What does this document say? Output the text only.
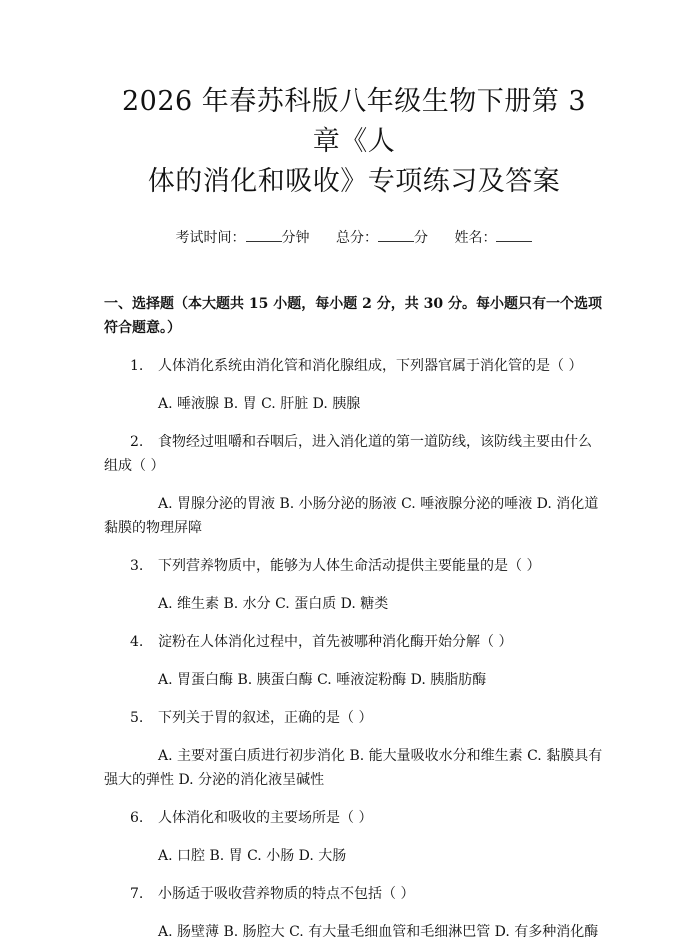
2026 年春苏科版八年级生物下册第 3 章《人
体的消化和吸收》专项练习及答案
考试时间：	分钟 总分：	分 姓名：
一、选择题（本大题共 15 小题，每小题 2 分，共 30 分。每小题只有一个选项符合题意。）
1. 人体消化系统由消化管和消化腺组成，下列器官属于消化管的是（ ）
A. 唾液腺 B. 胃 C. 肝脏 D. 胰腺
2. 食物经过咀嚼和吞咽后，进入消化道的第一道防线，该防线主要由什么组成（ ）
A. 胃腺分泌的胃液 B. 小肠分泌的肠液 C. 唾液腺分泌的唾液 D. 消化道黏膜的物理屏障
3. 下列营养物质中，能够为人体生命活动提供主要能量的是（ ）
A. 维生素 B. 水分 C. 蛋白质 D. 糖类
4. 淀粉在人体消化过程中，首先被哪种消化酶开始分解（ ）
A. 胃蛋白酶 B. 胰蛋白酶 C. 唾液淀粉酶 D. 胰脂肪酶
5. 下列关于胃的叙述，正确的是（ ）
A. 主要对蛋白质进行初步消化 B. 能大量吸收水分和维生素 C. 黏膜具有强大的弹性 D. 分泌的消化液呈碱性
6. 人体消化和吸收的主要场所是（ ）
A. 口腔 B. 胃 C. 小肠 D. 大肠
7. 小肠适于吸收营养物质的特点不包括（ ）
A. 肠壁薄 B. 肠腔大 C. 有大量毛细血管和毛细淋巴管 D. 有多种消化酶
